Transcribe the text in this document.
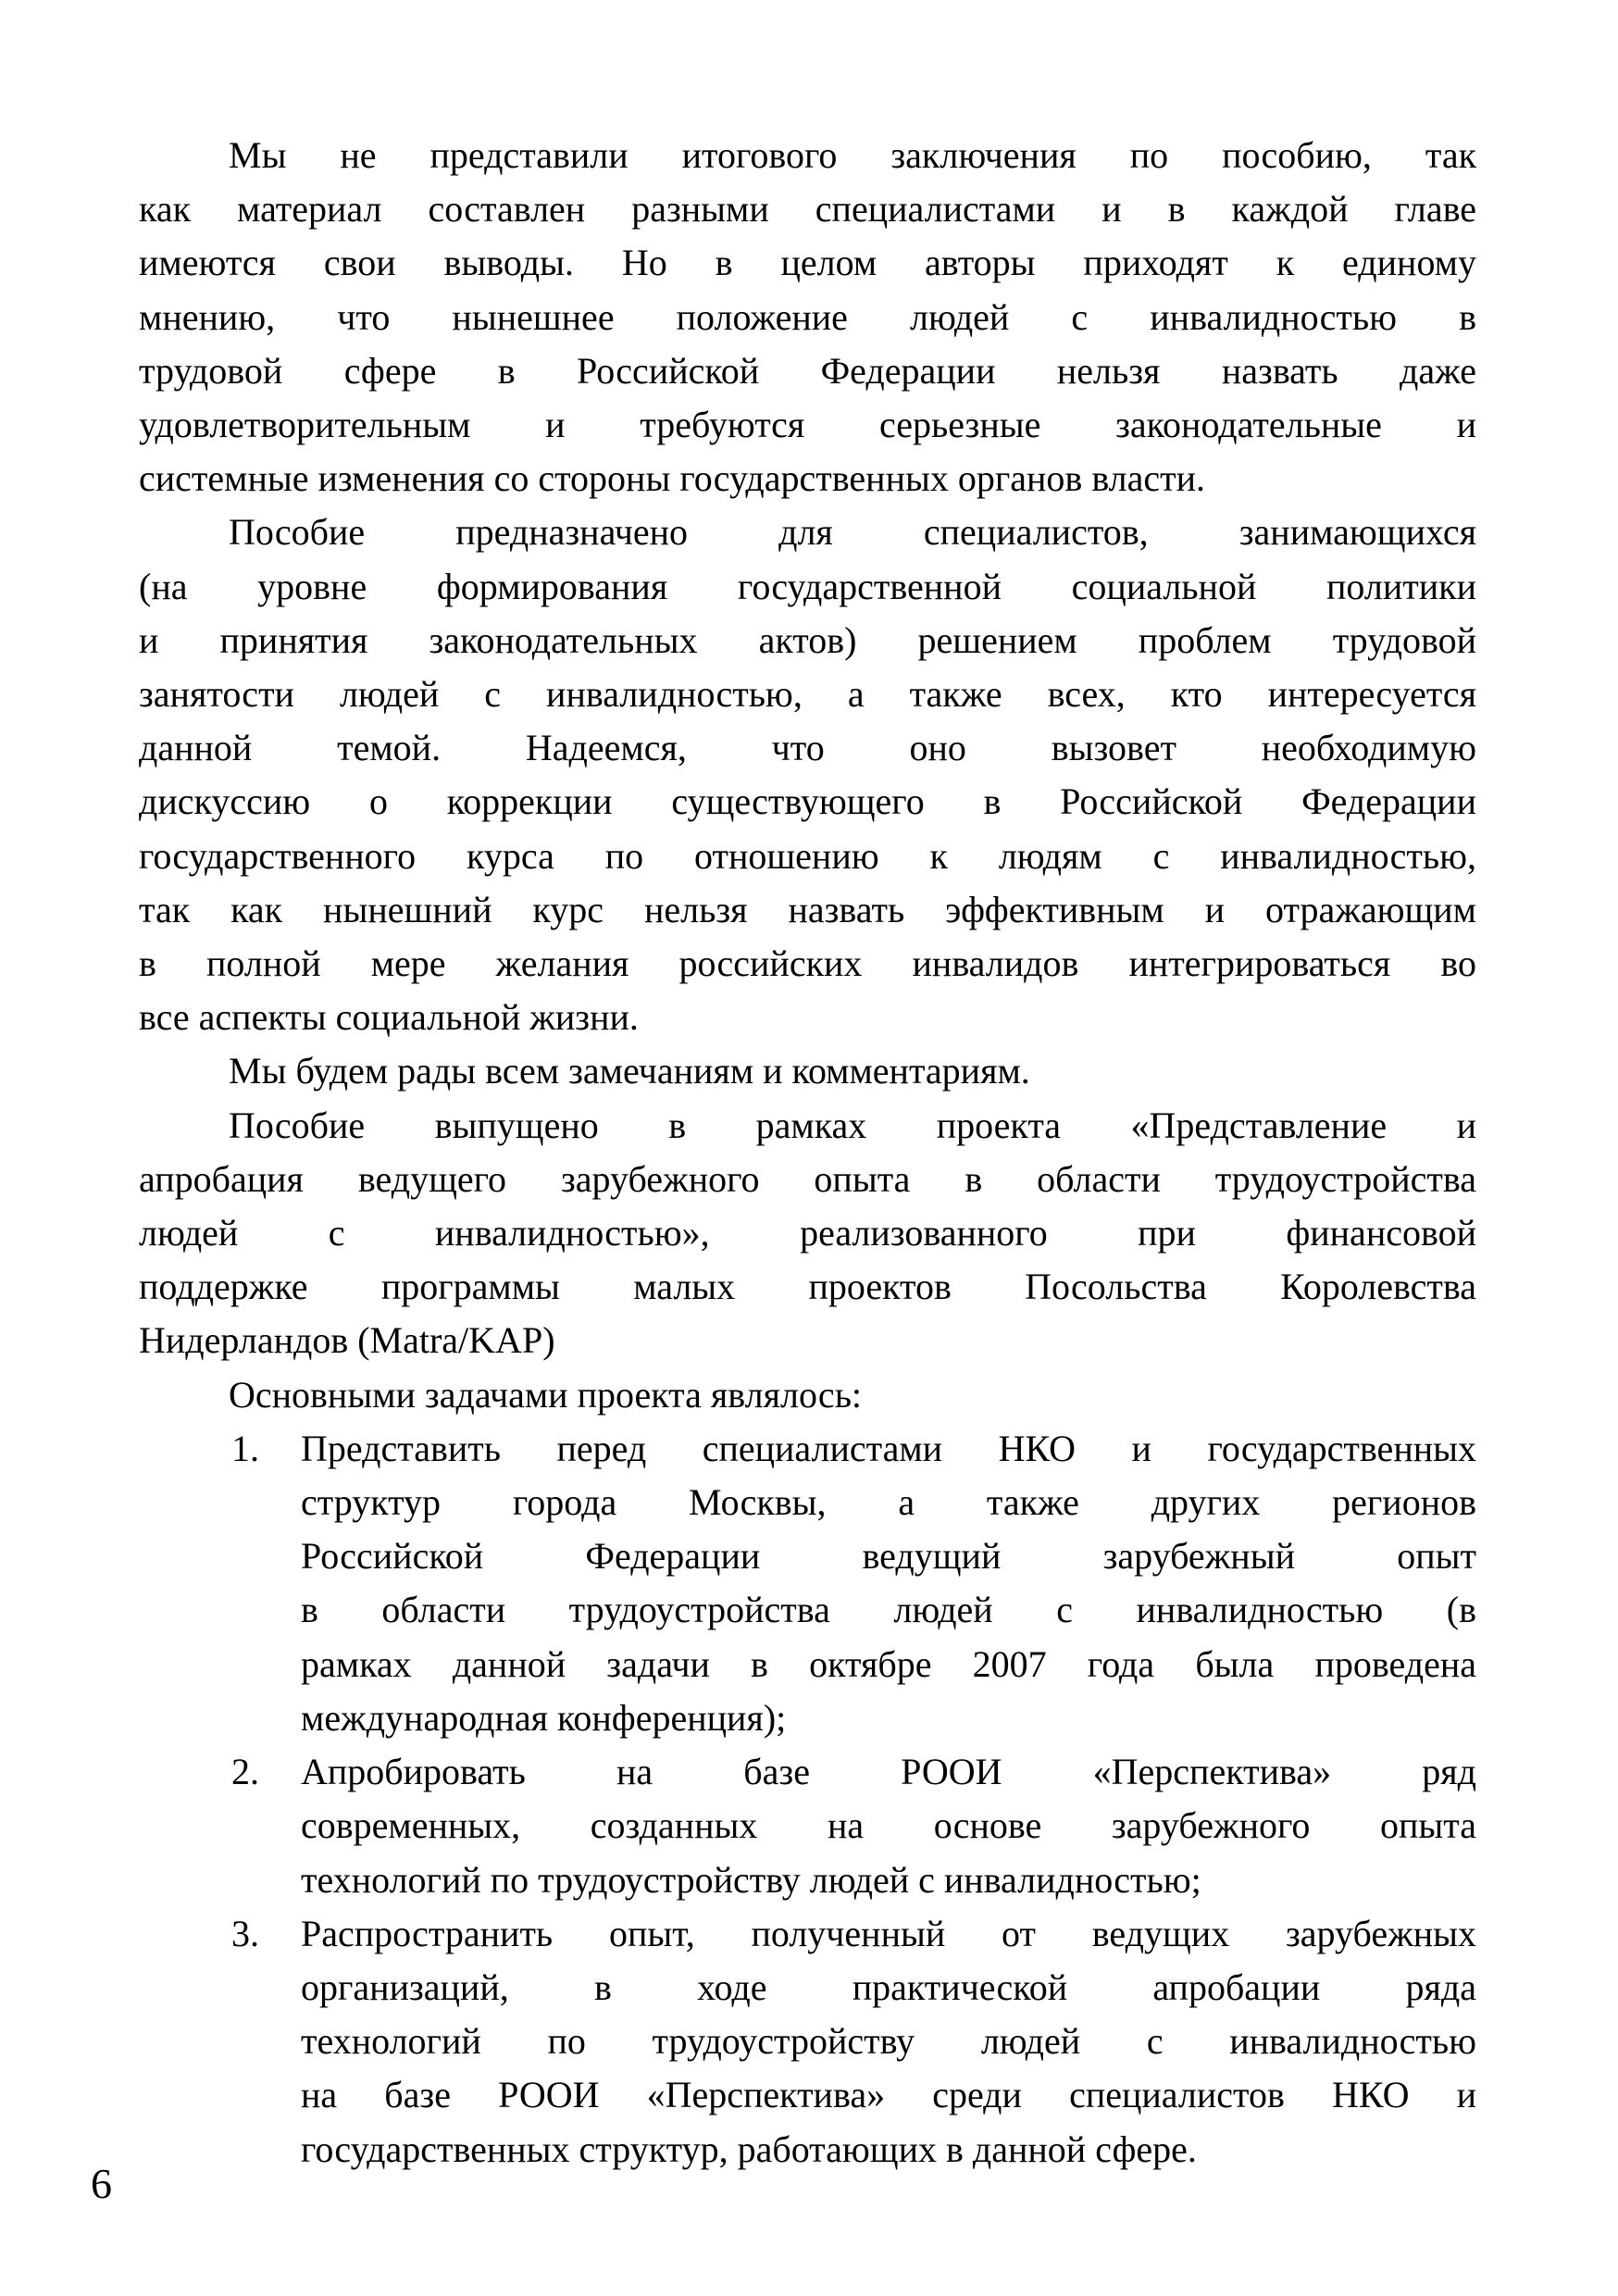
Мы не представили итогового заключения по пособию, так
как материал составлен разными специалистами и в каждой главе
имеются свои выводы. Но в целом авторы приходят к единому
мнению, что нынешнее положение людей с инвалидностью в
трудовой сфере в Российской Федерации нельзя назвать даже
удовлетворительным и требуются серьезные законодательные и
системные изменения со стороны государственных органов власти.
Пособие предназначено для специалистов, занимающихся
(на уровне формирования государственной социальной политики
и принятия законодательных актов) решением проблем трудовой
занятости людей с инвалидностью, а также всех, кто интересуется
данной темой. Надеемся, что оно вызовет необходимую
дискуссию о коррекции существующего в Российской Федерации
государственного курса по отношению к людям с инвалидностью,
так как нынешний курс нельзя назвать эффективным и отражающим
в полной мере желания российских инвалидов интегрироваться во
все аспекты социальной жизни.
Мы будем рады всем замечаниям и комментариям.
Пособие выпущено в рамках проекта «Представление и
апробация ведущего зарубежного опыта в области трудоустройства
людей с инвалидностью», реализованного при финансовой
поддержке программы малых проектов Посольства Королевства
Нидерландов (Matra/KAP)
Основными задачами проекта являлось:
1. Представить перед специалистами НКО и государственных
структур города Москвы, а также других регионов
Российской Федерации ведущий зарубежный опыт
в области трудоустройства людей с инвалидностью (в
рамках данной задачи в октябре 2007 года была проведена
международная конференция);
2. Апробировать на базе РООИ «Перспектива» ряд
современных, созданных на основе зарубежного опыта
технологий по трудоустройству людей с инвалидностью;
3. Распространить опыт, полученный от ведущих зарубежных
организаций, в ходе практической апробации ряда
технологий по трудоустройству людей с инвалидностью
на базе РООИ «Перспектива» среди специалистов НКО и
государственных структур, работающих в данной сфере.
6
